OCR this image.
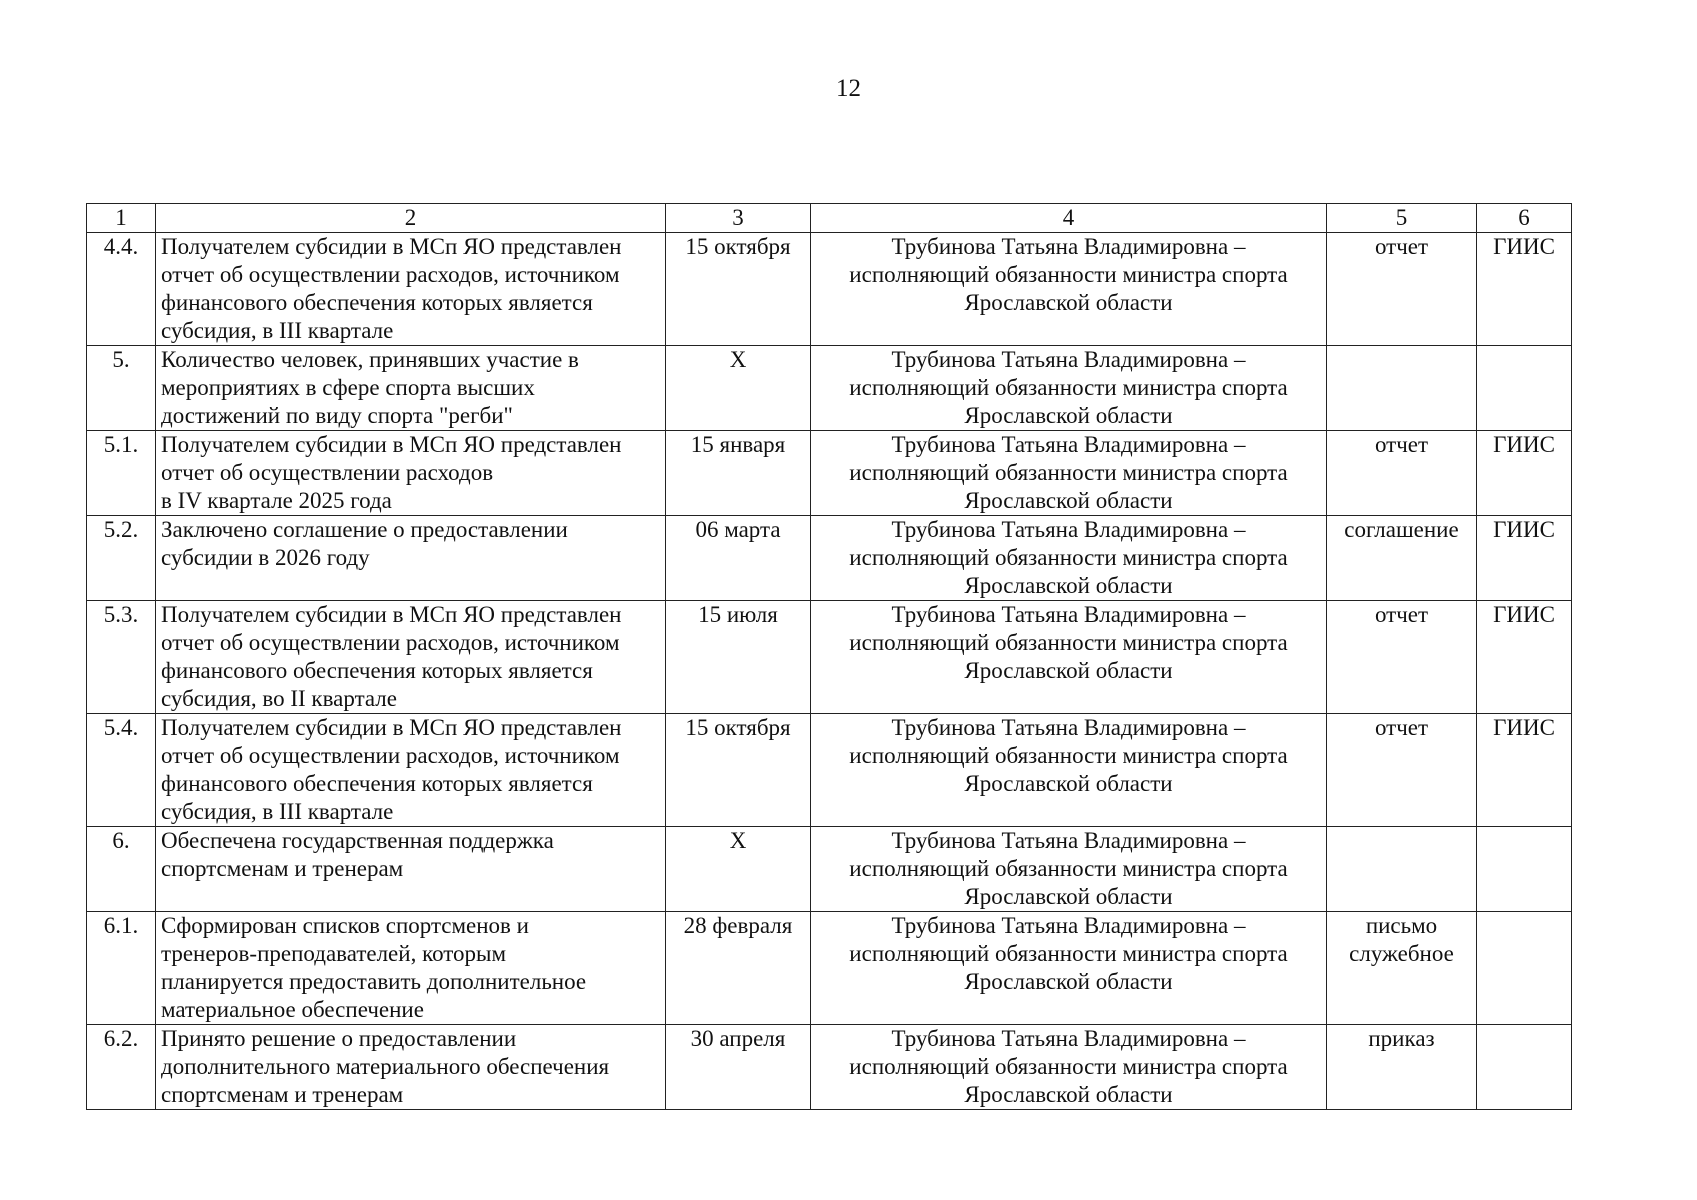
12
1	2	3	4	5	6
4.4.	Получателем субсидии в МСп ЯО представлен
отчет об осуществлении расходов, источником
финансового обеспечения которых является
субсидия, в III квартале	15 октября	Трубинова Татьяна Владимировна –
исполняющий обязанности министра спорта
Ярославской области	отчет	ГИИС
5.	Количество человек, принявших участие в
мероприятиях в сфере спорта высших
достижений по виду спорта "регби"	X	Трубинова Татьяна Владимировна –
исполняющий обязанности министра спорта
Ярославской области		
5.1.	Получателем субсидии в МСп ЯО представлен
отчет об осуществлении расходов
в IV квартале 2025 года	15 января	Трубинова Татьяна Владимировна –
исполняющий обязанности министра спорта
Ярославской области	отчет	ГИИС
5.2.	Заключено соглашение о предоставлении
субсидии в 2026 году	06 марта	Трубинова Татьяна Владимировна –
исполняющий обязанности министра спорта
Ярославской области	соглашение	ГИИС
5.3.	Получателем субсидии в МСп ЯО представлен
отчет об осуществлении расходов, источником
финансового обеспечения которых является
субсидия, во II квартале	15 июля	Трубинова Татьяна Владимировна –
исполняющий обязанности министра спорта
Ярославской области	отчет	ГИИС
5.4.	Получателем субсидии в МСп ЯО представлен
отчет об осуществлении расходов, источником
финансового обеспечения которых является
субсидия, в III квартале	15 октября	Трубинова Татьяна Владимировна –
исполняющий обязанности министра спорта
Ярославской области	отчет	ГИИС
6.	Обеспечена государственная поддержка
спортсменам и тренерам	X	Трубинова Татьяна Владимировна –
исполняющий обязанности министра спорта
Ярославской области		
6.1.	Сформирован списков спортсменов и
тренеров-преподавателей, которым
планируется предоставить дополнительное
материальное обеспечение	28 февраля	Трубинова Татьяна Владимировна –
исполняющий обязанности министра спорта
Ярославской области	письмо
служебное	
6.2.	Принято решение о предоставлении
дополнительного материального обеспечения
спортсменам и тренерам	30 апреля	Трубинова Татьяна Владимировна –
исполняющий обязанности министра спорта
Ярославской области	приказ	
